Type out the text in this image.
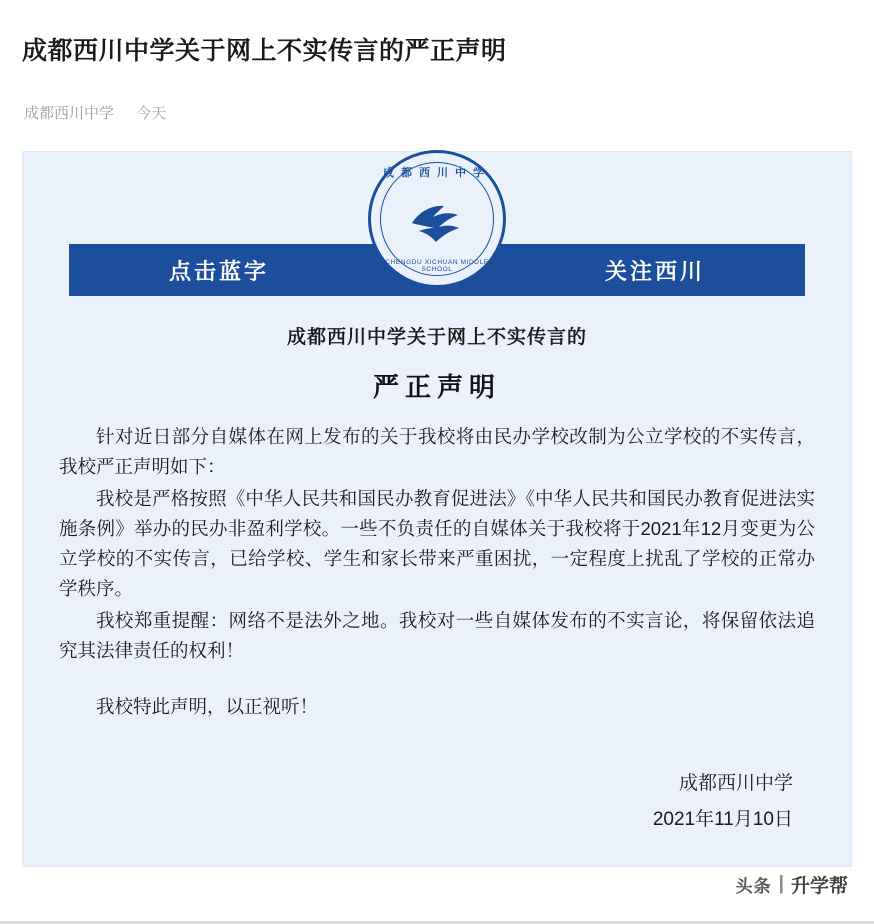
成都西川中学关于网上不实传言的严正声明
成都西川中学 今天
成都西川中学
CHENGDU XICHUAN MIDDLE SCHOOL
点击蓝字	关注西川
成都西川中学关于网上不实传言的
严正声明

针对近日部分自媒体在网上发布的关于我校将由民办学校改制为公立学校的不实传言，我校严正声明如下：

我校是严格按照《中华人民共和国民办教育促进法》《中华人民共和国民办教育促进法实施条例》举办的民办非盈利学校。一些不负责任的自媒体关于我校将于2021年12月变更为公立学校的不实传言，已给学校、学生和家长带来严重困扰，一定程度上扰乱了学校的正常办学秩序。

我校郑重提醒：网络不是法外之地。我校对一些自媒体发布的不实言论，将保留依法追究其法律责任的权利！

我校特此声明，以正视听！

成都西川中学
2021年11月10日
头条 | 升学帮
